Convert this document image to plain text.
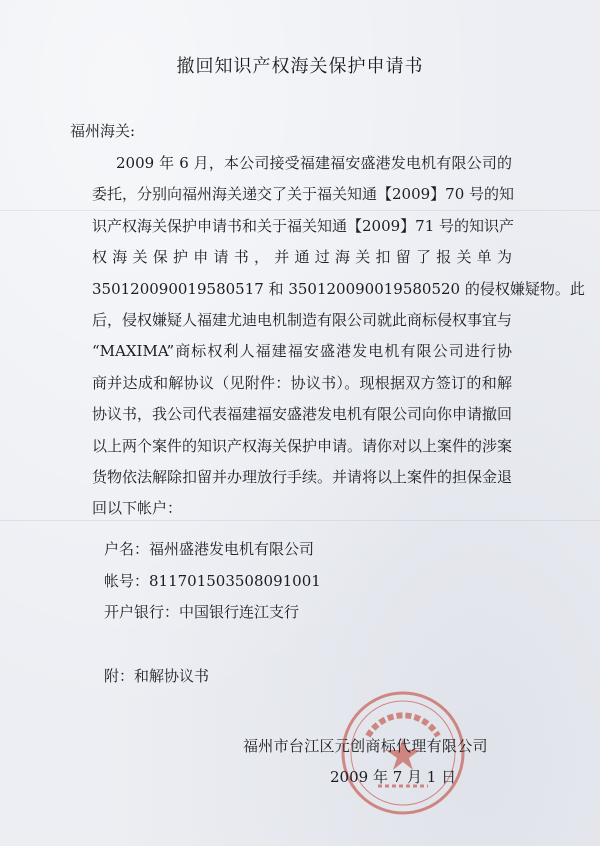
撤回知识产权海关保护申请书
福州海关:
2009 年 6 月，本公司接受福建福安盛港发电机有限公司的
委托，分别向福州海关递交了关于福关知通【2009】70 号的知
识产权海关保护申请书和关于福关知通【2009】71 号的知识产
权海关保护申请书，并通过海关扣留了报关单为
350120090019580517 和 350120090019580520 的侵权嫌疑物。此
后，侵权嫌疑人福建尤迪电机制造有限公司就此商标侵权事宜与
“MAXIMA”商标权利人福建福安盛港发电机有限公司进行协
商并达成和解协议（见附件：协议书）。现根据双方签订的和解
协议书，我公司代表福建福安盛港发电机有限公司向你申请撤回
以上两个案件的知识产权海关保护申请。请你对以上案件的涉案
货物依法解除扣留并办理放行手续。并请将以上案件的担保金退
回以下帐户：
户名：福州盛港发电机有限公司
帐号：81170150350809100​1
开户银行：中国银行连江支行
附：和解协议书
福州市台江区元创商标代理有限公司
2009 年 7 月 1 日
